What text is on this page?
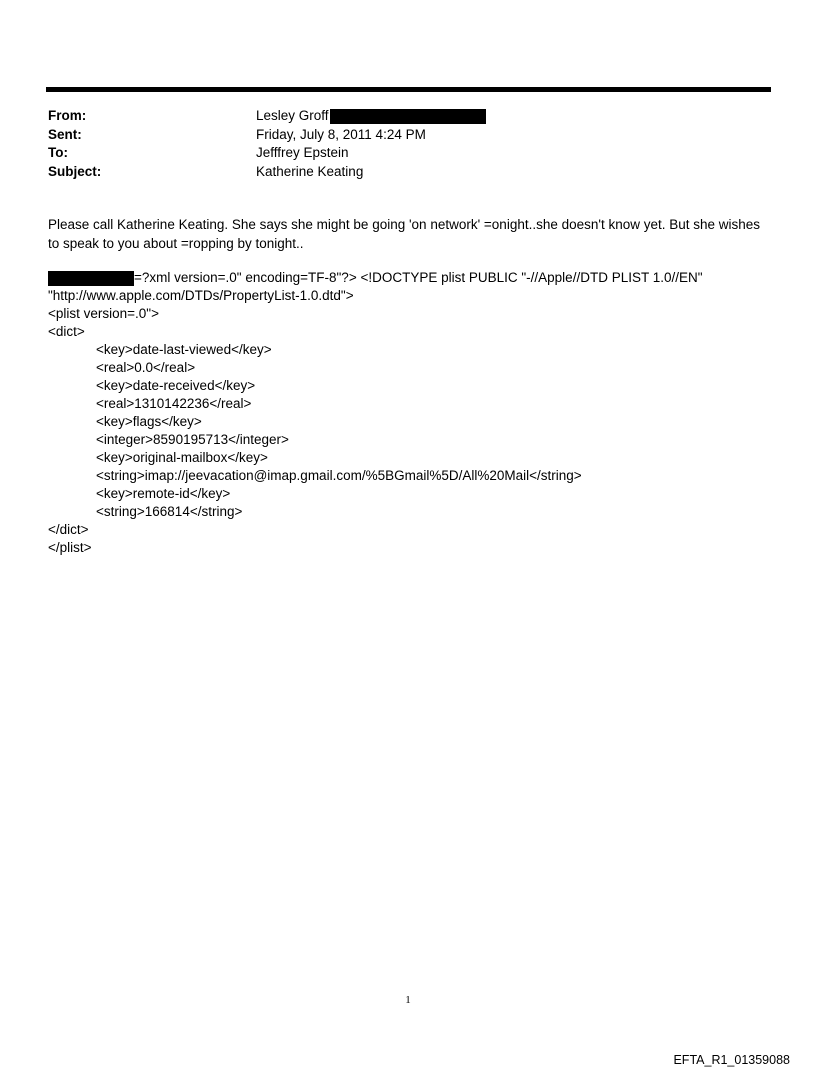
From:	Lesley Groff
Sent:	Friday, July 8, 2011 4:24 PM
To:	Jefffrey Epstein
Subject:	Katherine Keating
Please call Katherine Keating. She says she might be going 'on network' =onight..she doesn't know yet. But she wishes to speak to you about =ropping by tonight..
=?xml version=.0" encoding=TF-8"?> <!DOCTYPE plist PUBLIC "-//Apple//DTD PLIST 1.0//EN"
"http://www.apple.com/DTDs/PropertyList-1.0.dtd">
<plist version=.0">
<dict>
<key>date-last-viewed</key>
<real>0.0</real>
<key>date-received</key>
<real>1310142236</real>
<key>flags</key>
<integer>8590195713</integer>
<key>original-mailbox</key>
<string>imap://jeevacation@imap.gmail.com/%5BGmail%5D/All%20Mail</string>
<key>remote-id</key>
<string>166814</string>
</dict>
</plist>
1
EFTA_R1_01359088
